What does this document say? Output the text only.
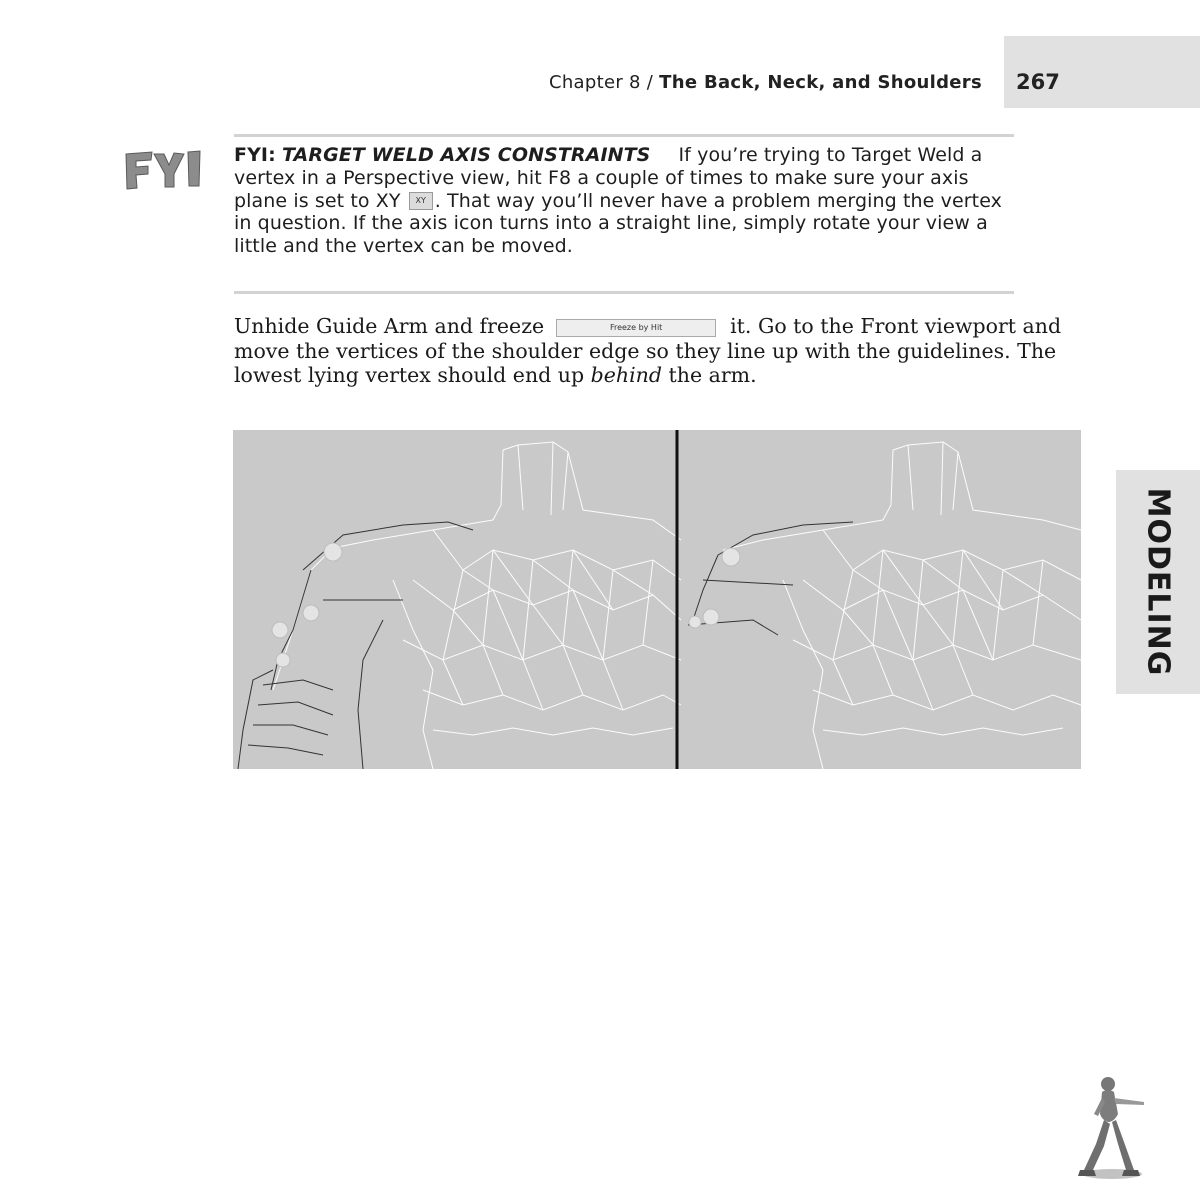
Chapter 8 / The Back, Neck, and Shoulders 267
FYI
FYI: TARGET WELD AXIS CONSTRAINTS If you’re trying to Target Weld a vertex in a Perspective view, hit F8 a couple of times to make sure your axis plane is set to XY XY . That way you’ll never have a problem merging the vertex in question. If the axis icon turns into a straight line, simply rotate your view a little and the vertex can be moved.
Unhide Guide Arm and freeze	Freeze by Hit	it. Go to the Front viewport and move the vertices of the shoulder edge so they line up with the guidelines. The lowest lying vertex should end up behind the arm.
MODELING
